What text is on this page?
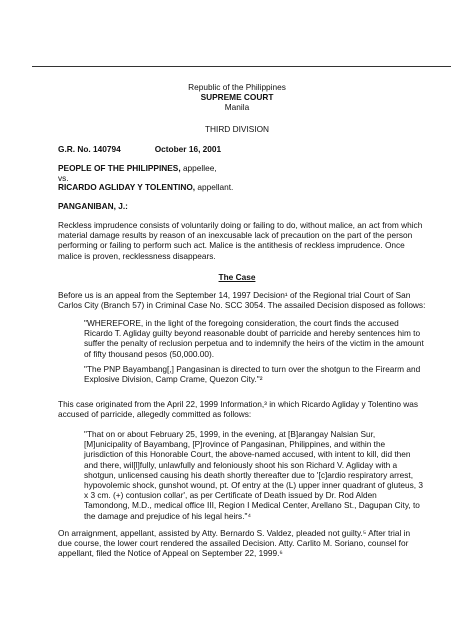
Republic of the Philippines
SUPREME COURT
Manila
THIRD DIVISION
G.R. No. 140794	October 16, 2001
PEOPLE OF THE PHILIPPINES, appellee,
vs.
RICARDO AGLIDAY Y TOLENTINO, appellant.
PANGANIBAN, J.:
Reckless imprudence consists of voluntarily doing or failing to do, without malice, an act from which
material damage results by reason of an inexcusable lack of precaution on the part of the person
performing or failing to perform such act. Malice is the antithesis of reckless imprudence. Once
malice is proven, recklessness disappears.
The Case
Before us is an appeal from the September 14, 1997 Decision¹ of the Regional trial Court of San
Carlos City (Branch 57) in Criminal Case No. SCC 3054. The assailed Decision disposed as follows:
"WHEREFORE, in the light of the foregoing consideration, the court finds the accused
Ricardo T. Agliday guilty beyond reasonable doubt of parricide and hereby sentences him to
suffer the penalty of reclusion perpetua and to indemnify the heirs of the victim in the amount
of fifty thousand pesos (50,000.00).
"The PNP Bayambang[,] Pangasinan is directed to turn over the shotgun to the Firearm and
Explosive Division, Camp Crame, Quezon City."²
This case originated from the April 22, 1999 Information,³ in which Ricardo Agliday y Tolentino was
accused of parricide, allegedly committed as follows:
"That on or about February 25, 1999, in the evening, at [B]arangay Nalsian Sur,
[M]unicipality of Bayambang, [P]rovince of Pangasinan, Philippines, and within the
jurisdiction of this Honorable Court, the above-named accused, with intent to kill, did then
and there, wil[l]fully, unlawfully and feloniously shoot his son Richard V. Agliday with a
shotgun, unlicensed causing his death shortly thereafter due to '[c]ardio respiratory arrest,
hypovolemic shock, gunshot wound, pt. Of entry at the (L) upper inner quadrant of gluteus, 3
x 3 cm. (+) contusion collar', as per Certificate of Death issued by Dr. Rod Alden
Tamondong, M.D., medical office III, Region I Medical Center, Arellano St., Dagupan City, to
the damage and prejudice of his legal heirs."⁴
On arraignment, appellant, assisted by Atty. Bernardo S. Valdez, pleaded not guilty.⁵ After trial in
due course, the lower court rendered the assailed Decision. Atty. Carlito M. Soriano, counsel for
appellant, filed the Notice of Appeal on September 22, 1999.⁶
